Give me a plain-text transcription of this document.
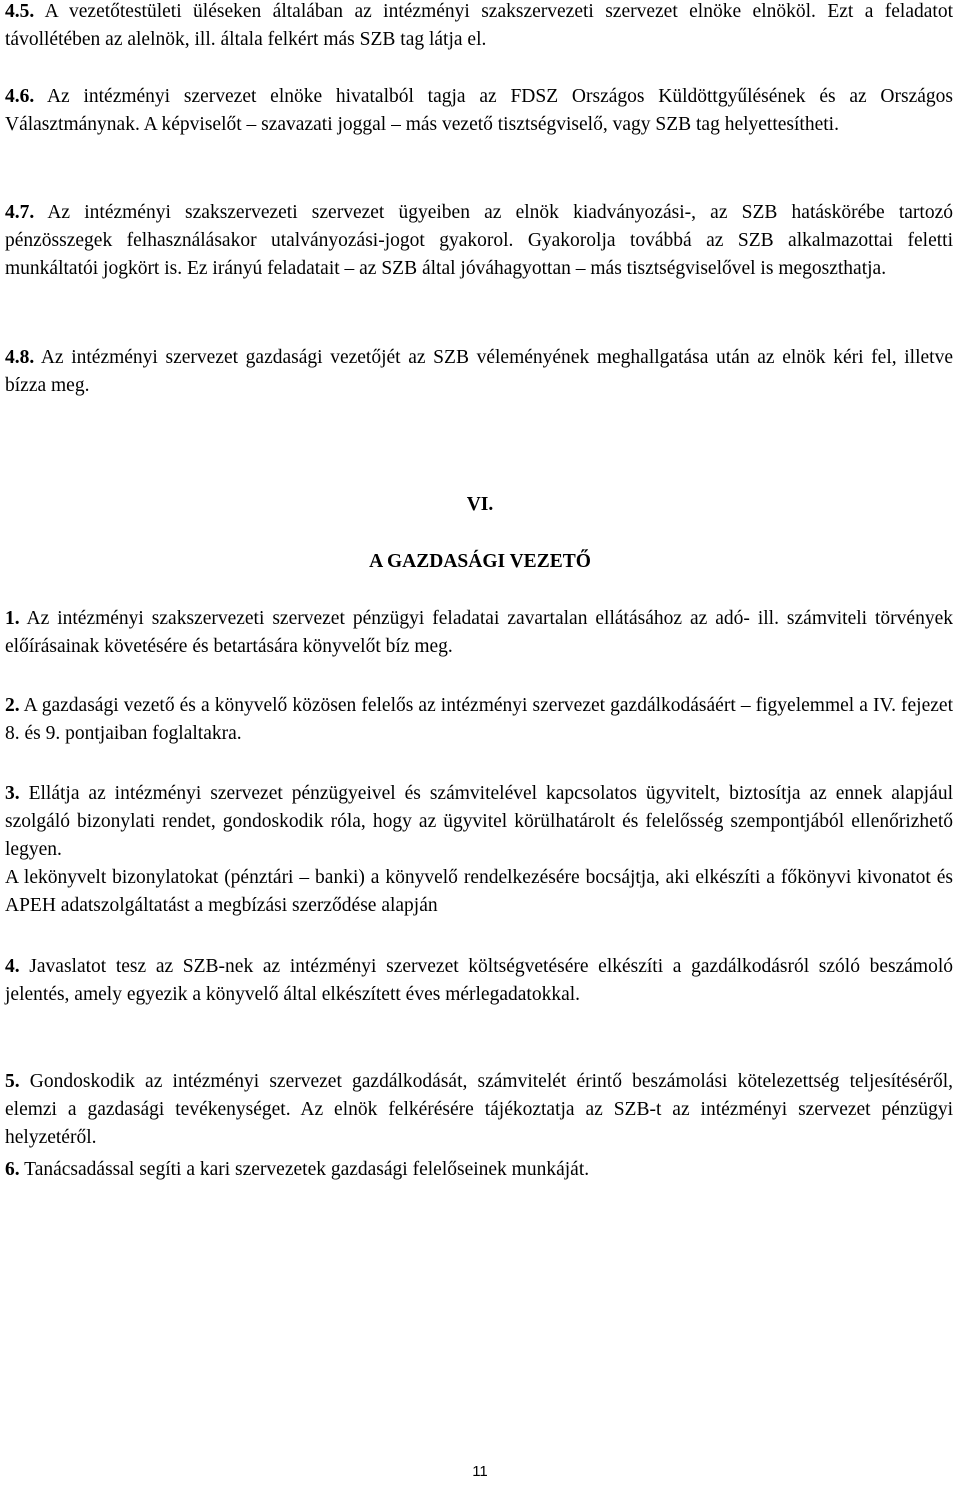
4.5. A vezetőtestületi üléseken általában az intézményi szakszervezeti szervezet elnöke elnököl. Ezt a feladatot távollétében az alelnök, ill. általa felkért más SZB tag látja el.

4.6. Az intézményi szervezet elnöke hivatalból tagja az FDSZ Országos Küldöttgyűlésének és az Országos Választmánynak. A képviselőt – szavazati joggal – más vezető tisztségviselő, vagy SZB tag helyettesítheti.

4.7. Az intézményi szakszervezeti szervezet ügyeiben az elnök kiadványozási-, az SZB hatáskörébe tartozó pénzösszegek felhasználásakor utalványozási-jogot gyakorol. Gyakorolja továbbá az SZB alkalmazottai feletti munkáltatói jogkört is. Ez irányú feladatait – az SZB által jóváhagyottan – más tisztségviselővel is megoszthatja.

4.8. Az intézményi szervezet gazdasági vezetőjét az SZB véleményének meghallgatása után az elnök kéri fel, illetve bízza meg.

VI.

A GAZDASÁGI VEZETŐ

1. Az intézményi szakszervezeti szervezet pénzügyi feladatai zavartalan ellátásához az adó- ill. számviteli törvények előírásainak követésére és betartására könyvelőt bíz meg.

2. A gazdasági vezető és a könyvelő közösen felelős az intézményi szervezet gazdálkodásáért – figyelemmel a IV. fejezet 8. és 9. pontjaiban foglaltakra.

3. Ellátja az intézményi szervezet pénzügyeivel és számvitelével kapcsolatos ügyvitelt, biztosítja az ennek alapjául szolgáló bizonylati rendet, gondoskodik róla, hogy az ügyvitel körülhatárolt és felelősség szempontjából ellenőrizhető legyen.
A lekönyvelt bizonylatokat (pénztári – banki) a könyvelő rendelkezésére bocsájtja, aki elkészíti a főkönyvi kivonatot és APEH adatszolgáltatást a megbízási szerződése alapján

4. Javaslatot tesz az SZB-nek az intézményi szervezet költségvetésére elkészíti a gazdálkodásról szóló beszámoló jelentés, amely egyezik a könyvelő által elkészített éves mérlegadatokkal.

5. Gondoskodik az intézményi szervezet gazdálkodását, számvitelét érintő beszámolási kötelezettség teljesítéséről, elemzi a gazdasági tevékenységet. Az elnök felkérésére tájékoztatja az SZB-t az intézményi szervezet pénzügyi helyzetéről.

6. Tanácsadással segíti a kari szervezetek gazdasági felelőseinek munkáját.

11
